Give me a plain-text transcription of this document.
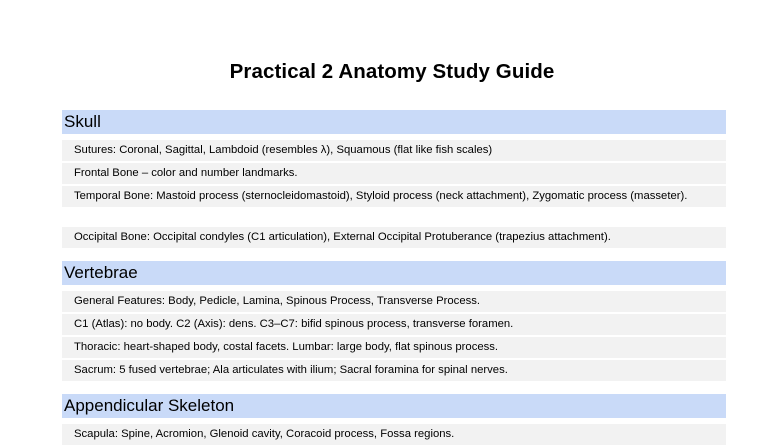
Practical 2 Anatomy Study Guide
Skull
Sutures: Coronal, Sagittal, Lambdoid (resembles λ), Squamous (flat like fish scales)
Frontal Bone – color and number landmarks.
Temporal Bone: Mastoid process (sternocleidomastoid), Styloid process (neck attachment), Zygomatic process (masseter).
Occipital Bone: Occipital condyles (C1 articulation), External Occipital Protuberance (trapezius attachment).
Vertebrae
General Features: Body, Pedicle, Lamina, Spinous Process, Transverse Process.
C1 (Atlas): no body. C2 (Axis): dens. C3–C7: bifid spinous process, transverse foramen.
Thoracic: heart-shaped body, costal facets. Lumbar: large body, flat spinous process.
Sacrum: 5 fused vertebrae; Ala articulates with ilium; Sacral foramina for spinal nerves.
Appendicular Skeleton
Scapula: Spine, Acromion, Glenoid cavity, Coracoid process, Fossa regions.
